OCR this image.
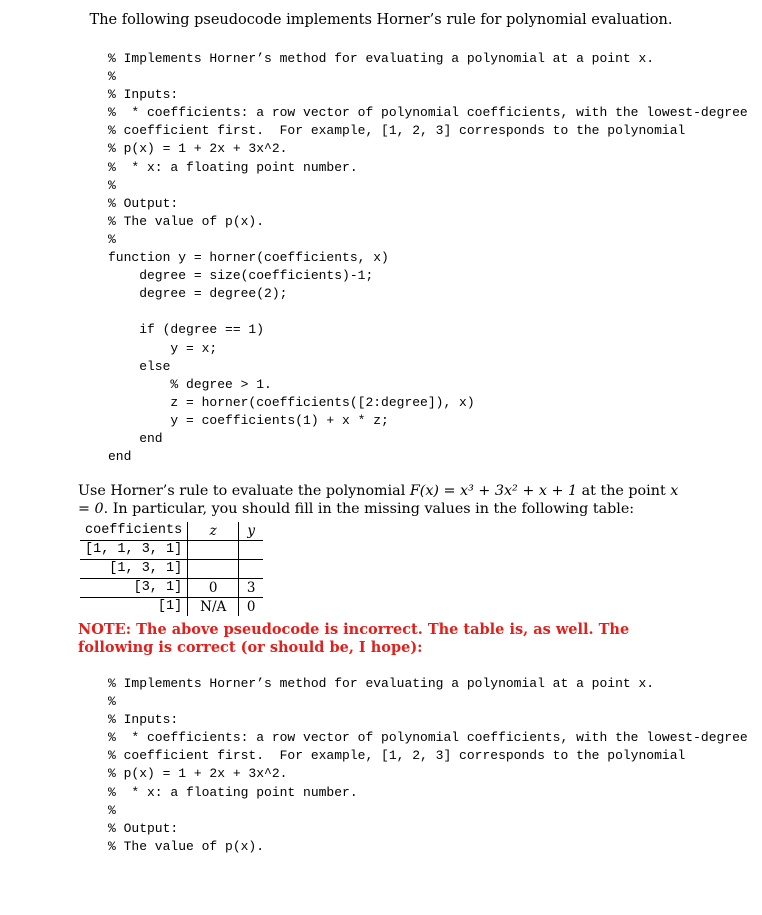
The following pseudocode implements Horner’s rule for polynomial evaluation.
% Implements Horner’s method for evaluating a polynomial at a point x.
%
% Inputs:
%  * coefficients: a row vector of polynomial coefficients, with the lowest-degree
% coefficient first.  For example, [1, 2, 3] corresponds to the polynomial
% p(x) = 1 + 2x + 3x^2.
%  * x: a floating point number.
%
% Output:
% The value of p(x).
%
function y = horner(coefficients, x)
degree = size(coefficients)-1;
degree = degree(2);

if (degree == 1)
y = x;
else
% degree > 1.
z = horner(coefficients([2:degree]), x)
y = coefficients(1) + x * z;
end
end
Use Horner’s rule to evaluate the polynomial F(x) = x³ + 3x² + x + 1 at the point x = 0. In particular, you should fill in the missing values in the following table:
coefficients	z	y
[1, 1, 3, 1]		
[1, 3, 1]		
[3, 1]	0	3
[1]	N/A	0
NOTE: The above pseudocode is incorrect. The table is, as well. The following is correct (or should be, I hope):
% Implements Horner’s method for evaluating a polynomial at a point x.
%
% Inputs:
%  * coefficients: a row vector of polynomial coefficients, with the lowest-degree
% coefficient first.  For example, [1, 2, 3] corresponds to the polynomial
% p(x) = 1 + 2x + 3x^2.
%  * x: a floating point number.
%
% Output:
% The value of p(x).
